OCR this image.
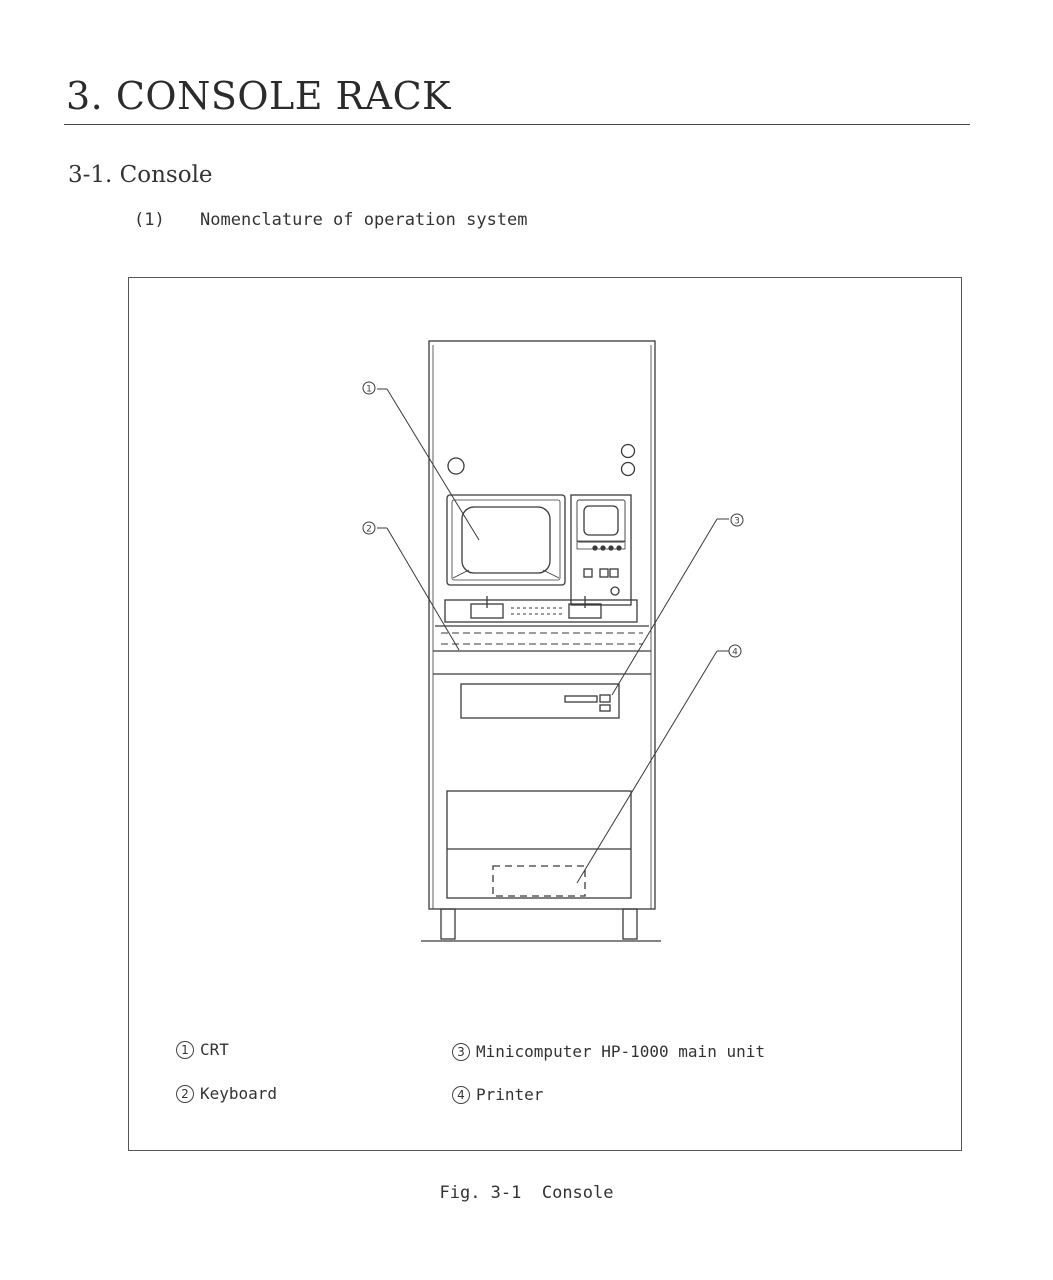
3. CONSOLE RACK
3-1. Console
(1) Nomenclature of operation system
1
2
3
4
1 CRT
2 Keyboard
3 Minicomputer HP-1000 main unit
4 Printer
Fig. 3-1  Console
